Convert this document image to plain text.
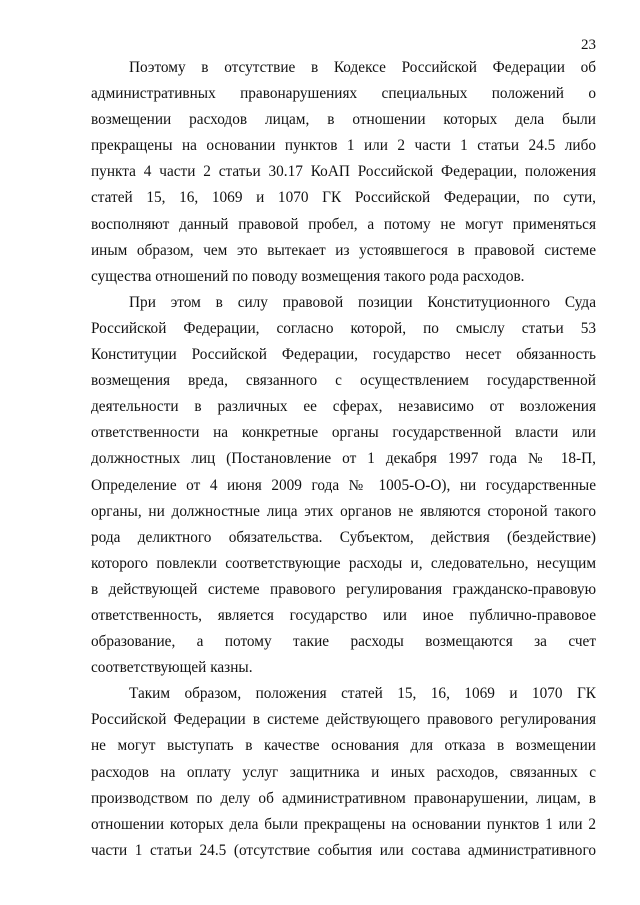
23
Поэтому в отсутствие в Кодексе Российской Федерации об
административных правонарушениях специальных положений о
возмещении расходов лицам, в отношении которых дела были
прекращены на основании пунктов 1 или 2 части 1 статьи 24.5 либо
пункта 4 части 2 статьи 30.17 КоАП Российской Федерации, положения
статей 15, 16, 1069 и 1070 ГК Российской Федерации, по сути,
восполняют данный правовой пробел, а потому не могут применяться
иным образом, чем это вытекает из устоявшегося в правовой системе
существа отношений по поводу возмещения такого рода расходов.
При этом в силу правовой позиции Конституционного Суда
Российской Федерации, согласно которой, по смыслу статьи 53
Конституции Российской Федерации, государство несет обязанность
возмещения вреда, связанного с осуществлением государственной
деятельности в различных ее сферах, независимо от возложения
ответственности на конкретные органы государственной власти или
должностных лиц (Постановление от 1 декабря 1997 года № 18-П,
Определение от 4 июня 2009 года № 1005-О-О), ни государственные
органы, ни должностные лица этих органов не являются стороной такого
рода деликтного обязательства. Субъектом, действия (бездействие)
которого повлекли соответствующие расходы и, следовательно, несущим
в действующей системе правового регулирования гражданско-правовую
ответственность, является государство или иное публично-правовое
образование, а потому такие расходы возмещаются за счет
соответствующей казны.
Таким образом, положения статей 15, 16, 1069 и 1070 ГК
Российской Федерации в системе действующего правового регулирования
не могут выступать в качестве основания для отказа в возмещении
расходов на оплату услуг защитника и иных расходов, связанных с
производством по делу об административном правонарушении, лицам, в
отношении которых дела были прекращены на основании пунктов 1 или 2
части 1 статьи 24.5 (отсутствие события или состава административного
